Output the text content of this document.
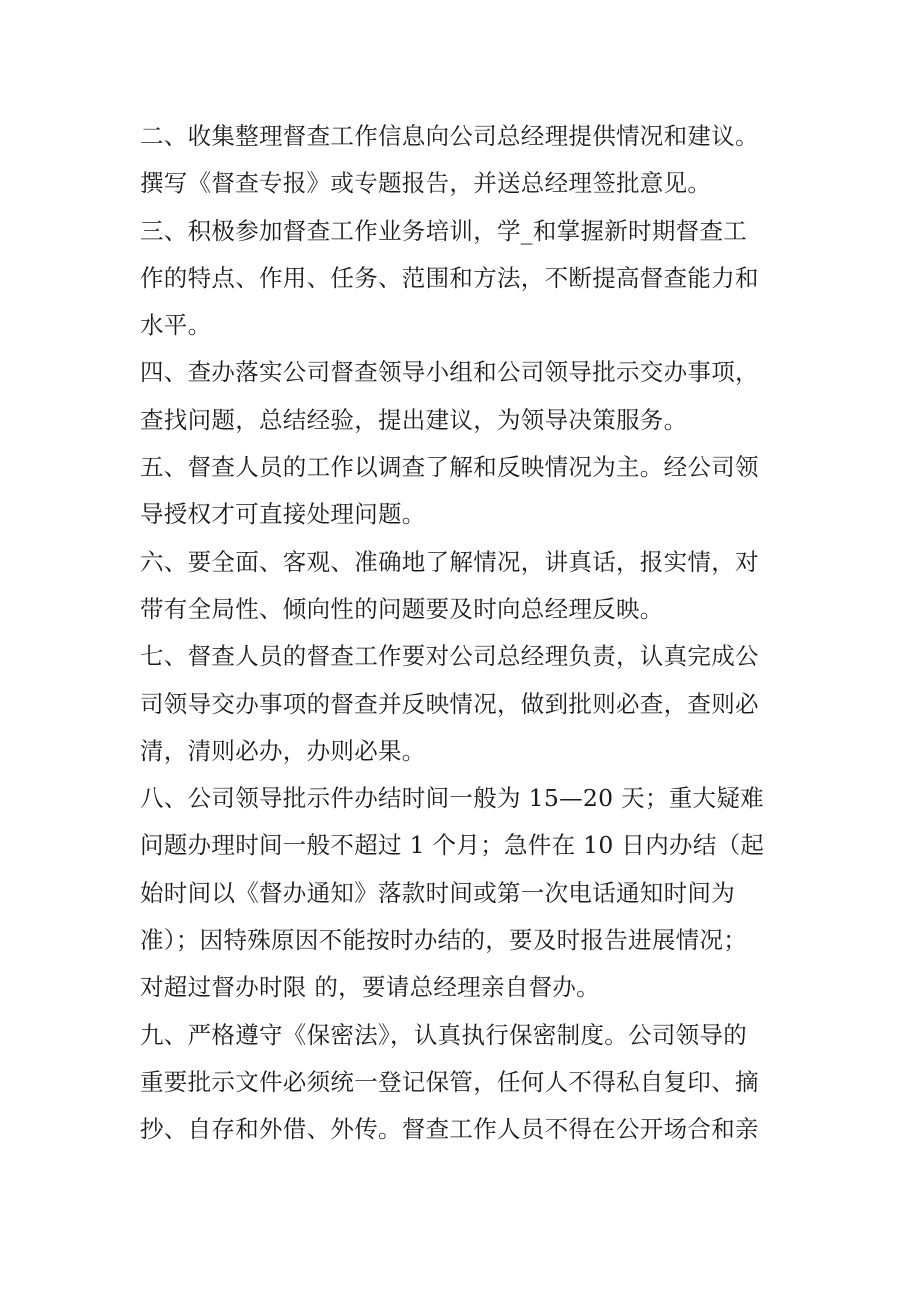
二、收集整理督查工作信息向公司总经理提供情况和建议。
撰写《督查专报》或专题报告，并送总经理签批意见。
三、积极参加督查工作业务培训，学_和掌握新时期督查工
作的特点、作用、任务、范围和方法，不断提高督查能力和
水平。
四、查办落实公司督查领导小组和公司领导批示交办事项，
查找问题，总结经验，提出建议，为领导决策服务。
五、督查人员的工作以调查了解和反映情况为主。经公司领
导授权才可直接处理问题。
六、要全面、客观、准确地了解情况，讲真话，报实情，对
带有全局性、倾向性的问题要及时向总经理反映。
七、督查人员的督查工作要对公司总经理负责，认真完成公
司领导交办事项的督查并反映情况，做到批则必查，查则必
清，清则必办，办则必果。
八、公司领导批示件办结时间一般为 15—20 天；重大疑难
问题办理时间一般不超过 1 个月；急件在 10 日内办结（起
始时间以《督办通知》落款时间或第一次电话通知时间为
准）；因特殊原因不能按时办结的，要及时报告进展情况；
对超过督办时限 的，要请总经理亲自督办。
九、严格遵守《保密法》，认真执行保密制度。公司领导的
重要批示文件必须统一登记保管，任何人不得私自复印、摘
抄、自存和外借、外传。督查工作人员不得在公开场合和亲
